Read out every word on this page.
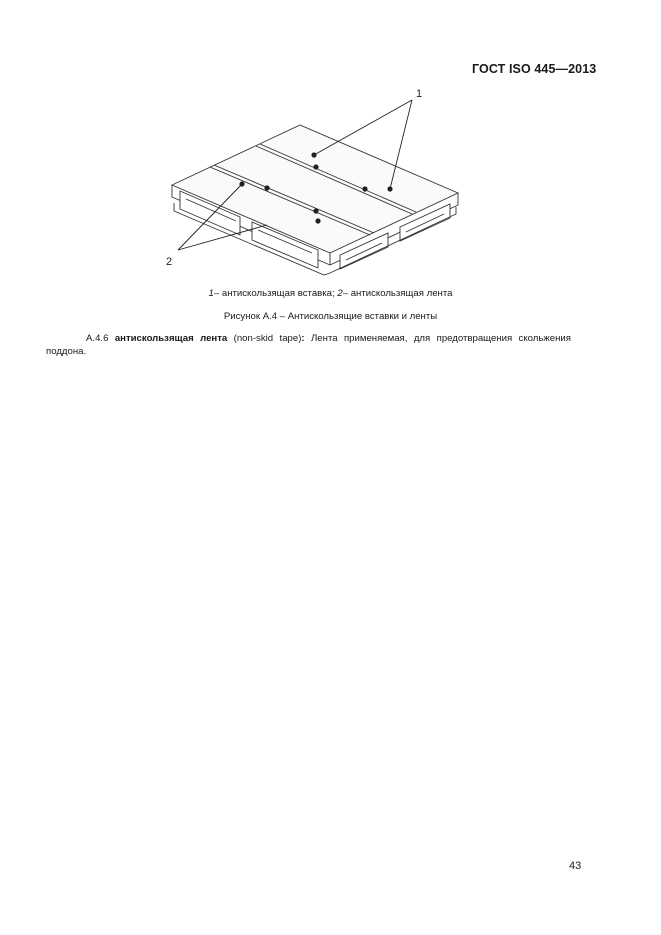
ГОСТ ISO 445—2013
1
2
1– антискользящая вставка; 2– антискользящая лента
Рисунок А.4 – Антискользящие вставки и ленты
А.4.6 антискользящая лента (non-skid tape): Лента применяемая, для предотвращения скольжения поддона.
43
